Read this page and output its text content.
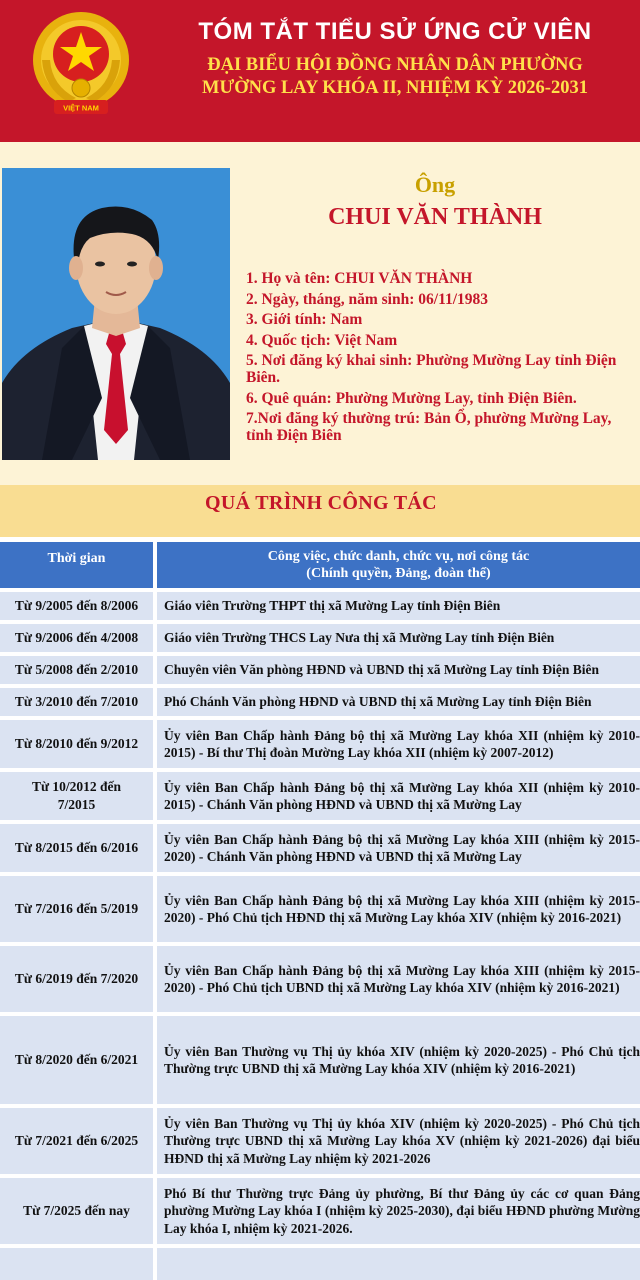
VIỆT NAM
TÓM TẮT TIỂU SỬ ỨNG CỬ VIÊN
ĐẠI BIỂU HỘI ĐỒNG NHÂN DÂN PHƯỜNG
MƯỜNG LAY KHÓA II, NHIỆM KỲ 2026-2031
Ông
CHUI VĂN THÀNH
1. Họ và tên: CHUI VĂN THÀNH
2. Ngày, tháng, năm sinh: 06/11/1983
3. Giới tính: Nam
4. Quốc tịch: Việt Nam
5. Nơi đăng ký khai sinh: Phường Mường Lay tỉnh Điện Biên.
6. Quê quán: Phường Mường Lay, tỉnh Điện Biên.
7.Nơi đăng ký thường trú: Bản Ổ, phường Mường Lay, tỉnh Điện Biên
QUÁ TRÌNH CÔNG TÁC
Thời gian	Công việc, chức danh, chức vụ, nơi công tác
(Chính quyền, Đảng, đoàn thể)
Từ 9/2005 đến 8/2006	Giáo viên Trường THPT thị xã Mường Lay tỉnh Điện Biên
Từ 9/2006 đến 4/2008	Giáo viên Trường THCS Lay Nưa thị xã Mường Lay tỉnh Điện Biên
Từ 5/2008 đến 2/2010	Chuyên viên Văn phòng HĐND và UBND thị xã Mường Lay tỉnh Điện Biên
Từ 3/2010 đến 7/2010	Phó Chánh Văn phòng HĐND và UBND thị xã Mường Lay tỉnh Điện Biên
Từ 8/2010 đến 9/2012
Ủy viên Ban Chấp hành Đảng bộ thị xã Mường Lay khóa XII (nhiệm kỳ 2010-2015) - Bí thư Thị đoàn Mường Lay khóa XII (nhiệm kỳ 2007-2012)
Từ 10/2012 đến 7/2015
Ủy viên Ban Chấp hành Đảng bộ thị xã Mường Lay khóa XII (nhiệm kỳ 2010-2015) - Chánh Văn phòng HĐND và UBND thị xã Mường Lay
Từ 8/2015 đến 6/2016
Ủy viên Ban Chấp hành Đảng bộ thị xã Mường Lay khóa XIII (nhiệm kỳ 2015-2020) - Chánh Văn phòng HĐND và UBND thị xã Mường Lay
Từ 7/2016 đến 5/2019
Ủy viên Ban Chấp hành Đảng bộ thị xã Mường Lay khóa XIII (nhiệm kỳ 2015-2020) - Phó Chủ tịch HĐND thị xã Mường Lay khóa XIV (nhiệm kỳ 2016-2021)
Từ 6/2019 đến 7/2020
Ủy viên Ban Chấp hành Đảng bộ thị xã Mường Lay khóa XIII (nhiệm kỳ 2015-2020) - Phó Chủ tịch UBND thị xã Mường Lay khóa XIV (nhiệm kỳ 2016-2021)
Từ 8/2020 đến 6/2021
Ủy viên Ban Thường vụ Thị ủy khóa XIV (nhiệm kỳ 2020-2025) - Phó Chủ tịch Thường trực UBND thị xã Mường Lay khóa XIV (nhiệm kỳ 2016-2021)
Từ 7/2021 đến 6/2025
Ủy viên Ban Thường vụ Thị ủy khóa XIV (nhiệm kỳ 2020-2025) - Phó Chủ tịch Thường trực UBND thị xã Mường Lay khóa XV (nhiệm kỳ 2021-2026) đại biểu HĐND thị xã Mường Lay nhiệm kỳ 2021-2026
Từ 7/2025 đến nay
Phó Bí thư Thường trực Đảng ủy phường, Bí thư Đảng ủy các cơ quan Đảng phường Mường Lay khóa I (nhiệm kỳ 2025-2030), đại biểu HĐND phường Mường Lay khóa I, nhiệm kỳ 2021-2026.
